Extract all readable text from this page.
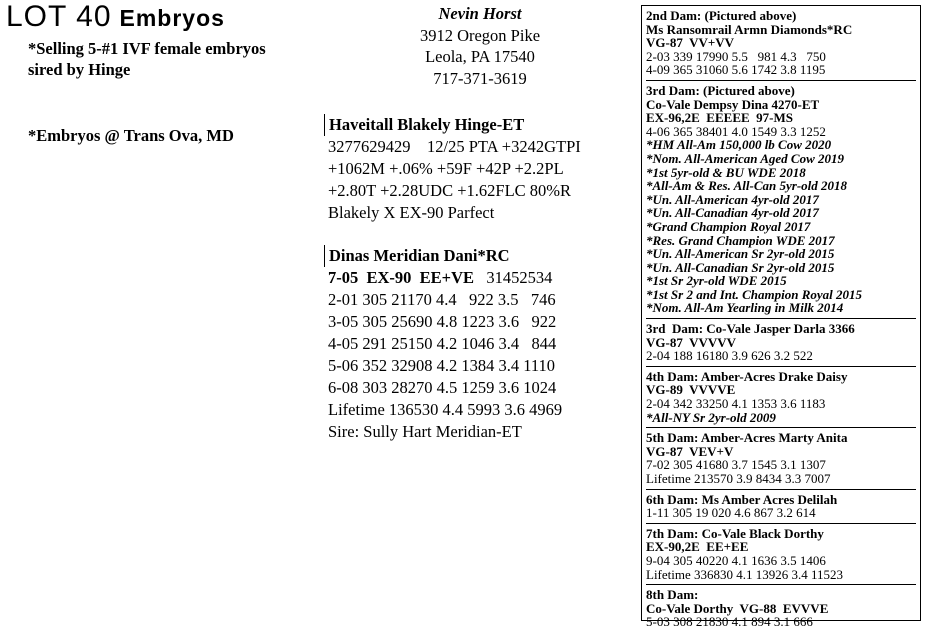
LOT 40 Embryos
*Selling 5-#1 IVF female embryos
sired by Hinge
*Embryos @ Trans Ova, MD
Nevin Horst
3912 Oregon Pike
Leola, PA 17540
717-371-3619
Haveitall Blakely Hinge-ET
3277629429    12/25 PTA +3242GTPI
+1062M +.06% +59F +42P +2.2PL
+2.80T +2.28UDC +1.62FLC 80%R
Blakely X EX-90 Parfect
Dinas Meridian Dani*RC
7-05  EX-90  EE+VE 31452534
2-01 305 21170 4.4   922 3.5   746
3-05 305 25690 4.8 1223 3.6   922
4-05 291 25150 4.2 1046 3.4   844
5-06 352 32908 4.2 1384 3.4 1110
6-08 303 28270 4.5 1259 3.6 1024
Lifetime 136530 4.4 5993 3.6 4969
Sire: Sully Hart Meridian-ET
2nd Dam: (Pictured above)
Ms Ransomrail Armn Diamonds*RC
VG-87  VV+VV
2-03 339 17990 5.5   981 4.3   750
4-09 365 31060 5.6 1742 3.8 1195
3rd Dam: (Pictured above)
Co-Vale Dempsy Dina 4270-ET
EX-96,2E  EEEEE  97-MS
4-06 365 38401 4.0 1549 3.3 1252
*HM All-Am 150,000 lb Cow 2020
*Nom. All-American Aged Cow 2019
*1st 5yr-old & BU WDE 2018
*All-Am & Res. All-Can 5yr-old 2018
*Un. All-American 4yr-old 2017
*Un. All-Canadian 4yr-old 2017
*Grand Champion Royal 2017
*Res. Grand Champion WDE 2017
*Un. All-American Sr 2yr-old 2015
*Un. All-Canadian Sr 2yr-old 2015
*1st Sr 2yr-old WDE 2015
*1st Sr 2 and Int. Champion Royal 2015
*Nom. All-Am Yearling in Milk 2014
3rd  Dam: Co-Vale Jasper Darla 3366
VG-87  VVVVV
2-04 188 16180 3.9 626 3.2 522
4th Dam: Amber-Acres Drake Daisy
VG-89  VVVVE
2-04 342 33250 4.1 1353 3.6 1183
*All-NY Sr 2yr-old 2009
5th Dam: Amber-Acres Marty Anita
VG-87  VEV+V
7-02 305 41680 3.7 1545 3.1 1307
Lifetime 213570 3.9 8434 3.3 7007
6th Dam: Ms Amber Acres Delilah
1-11 305 19 020 4.6 867 3.2 614
7th Dam: Co-Vale Black Dorthy
EX-90,2E  EE+EE
9-04 305 40220 4.1 1636 3.5 1406
Lifetime 336830 4.1 13926 3.4 11523
8th Dam:
Co-Vale Dorthy  VG-88  EVVVE
5-03 308 21830 4.1 894 3.1 666
